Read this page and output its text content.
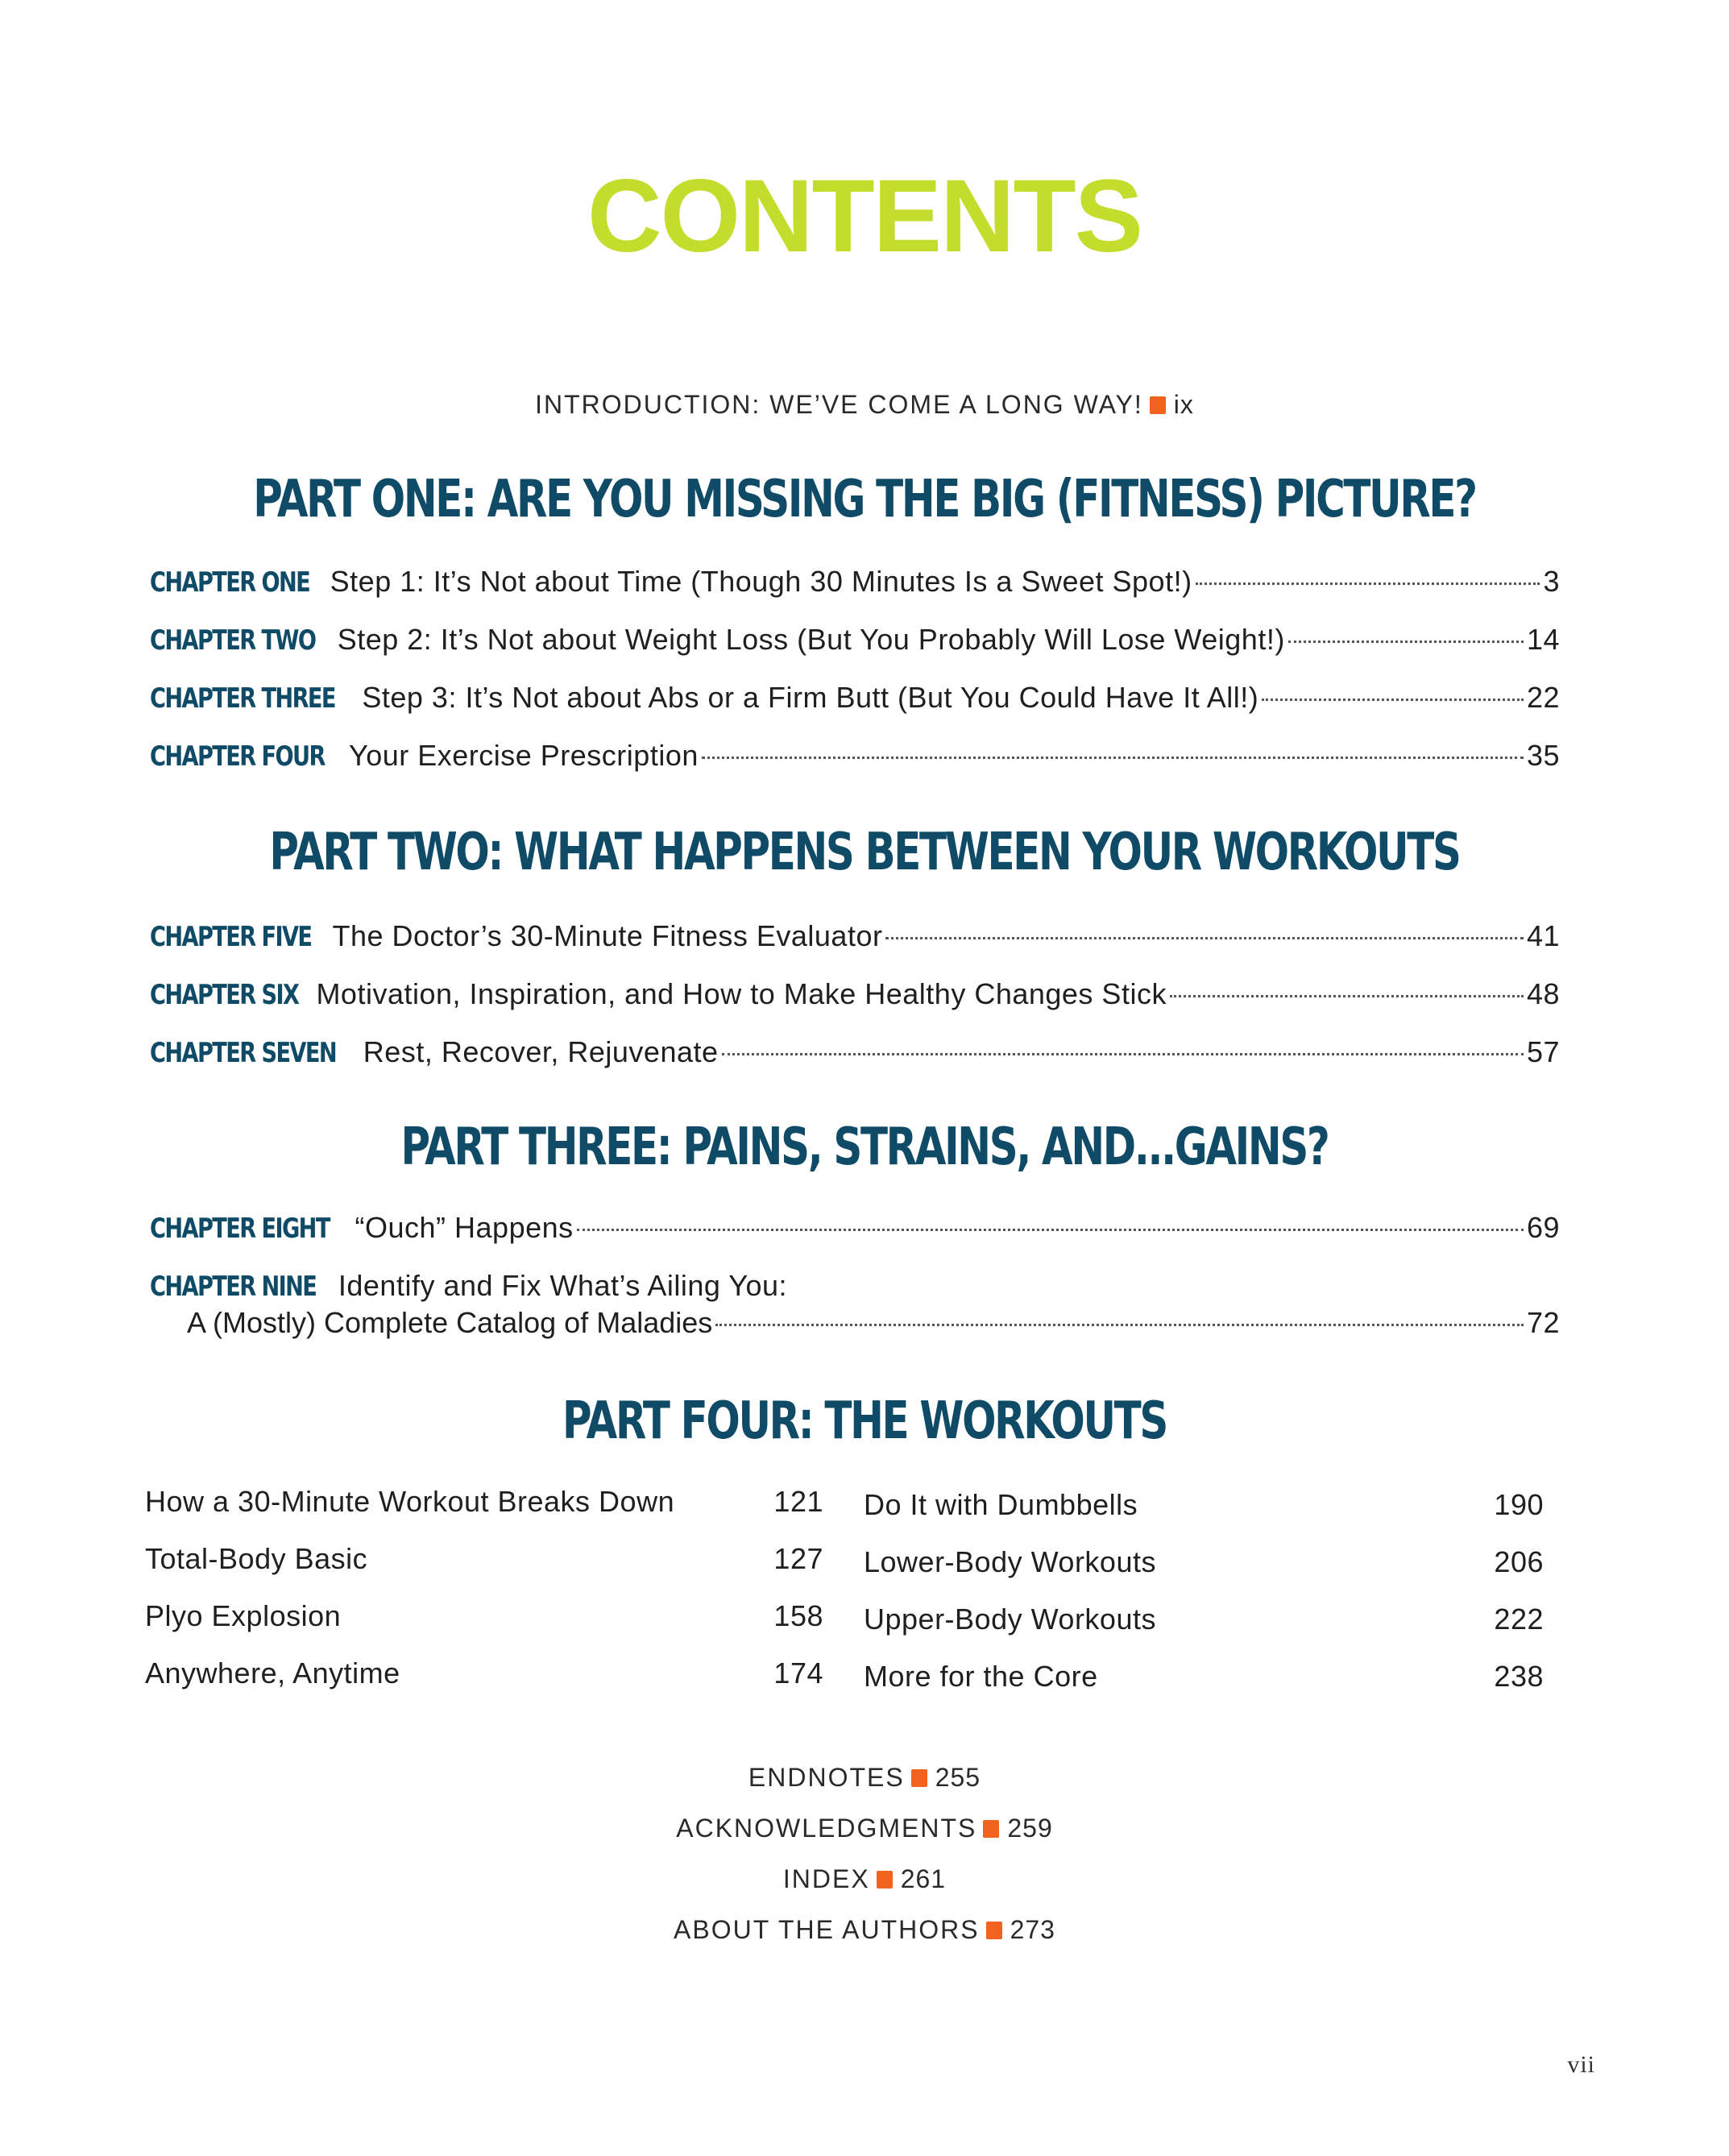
CONTENTS
INTRODUCTION: WE’VE COME A LONG WAY! ix
PART ONE: ARE YOU MISSING THE BIG (FITNESS) PICTURE?
CHAPTER ONE Step 1: It’s Not about Time (Though 30 Minutes Is a Sweet Spot!)	3
CHAPTER TWO Step 2: It’s Not about Weight Loss (But You Probably Will Lose Weight!)	14
CHAPTER THREE Step 3: It’s Not about Abs or a Firm Butt (But You Could Have It All!)	22
CHAPTER FOUR Your Exercise Prescription	35
PART TWO: WHAT HAPPENS BETWEEN YOUR WORKOUTS
CHAPTER FIVE The Doctor’s 30-Minute Fitness Evaluator	41
CHAPTER SIX Motivation, Inspiration, and How to Make Healthy Changes Stick	48
CHAPTER SEVEN Rest, Recover, Rejuvenate	57
PART THREE: PAINS, STRAINS, AND...GAINS?
CHAPTER EIGHT “Ouch” Happens	69
CHAPTER NINE Identify and Fix What’s Ailing You:
A (Mostly) Complete Catalog of Maladies	72
PART FOUR: THE WORKOUTS
How a 30-Minute Workout Breaks Down	121
Total-Body Basic	127
Plyo Explosion	158
Anywhere, Anytime	174
Do It with Dumbbells	190
Lower-Body Workouts	206
Upper-Body Workouts	222
More for the Core	238
ENDNOTES 255
ACKNOWLEDGMENTS 259
INDEX 261
ABOUT THE AUTHORS 273
vii
